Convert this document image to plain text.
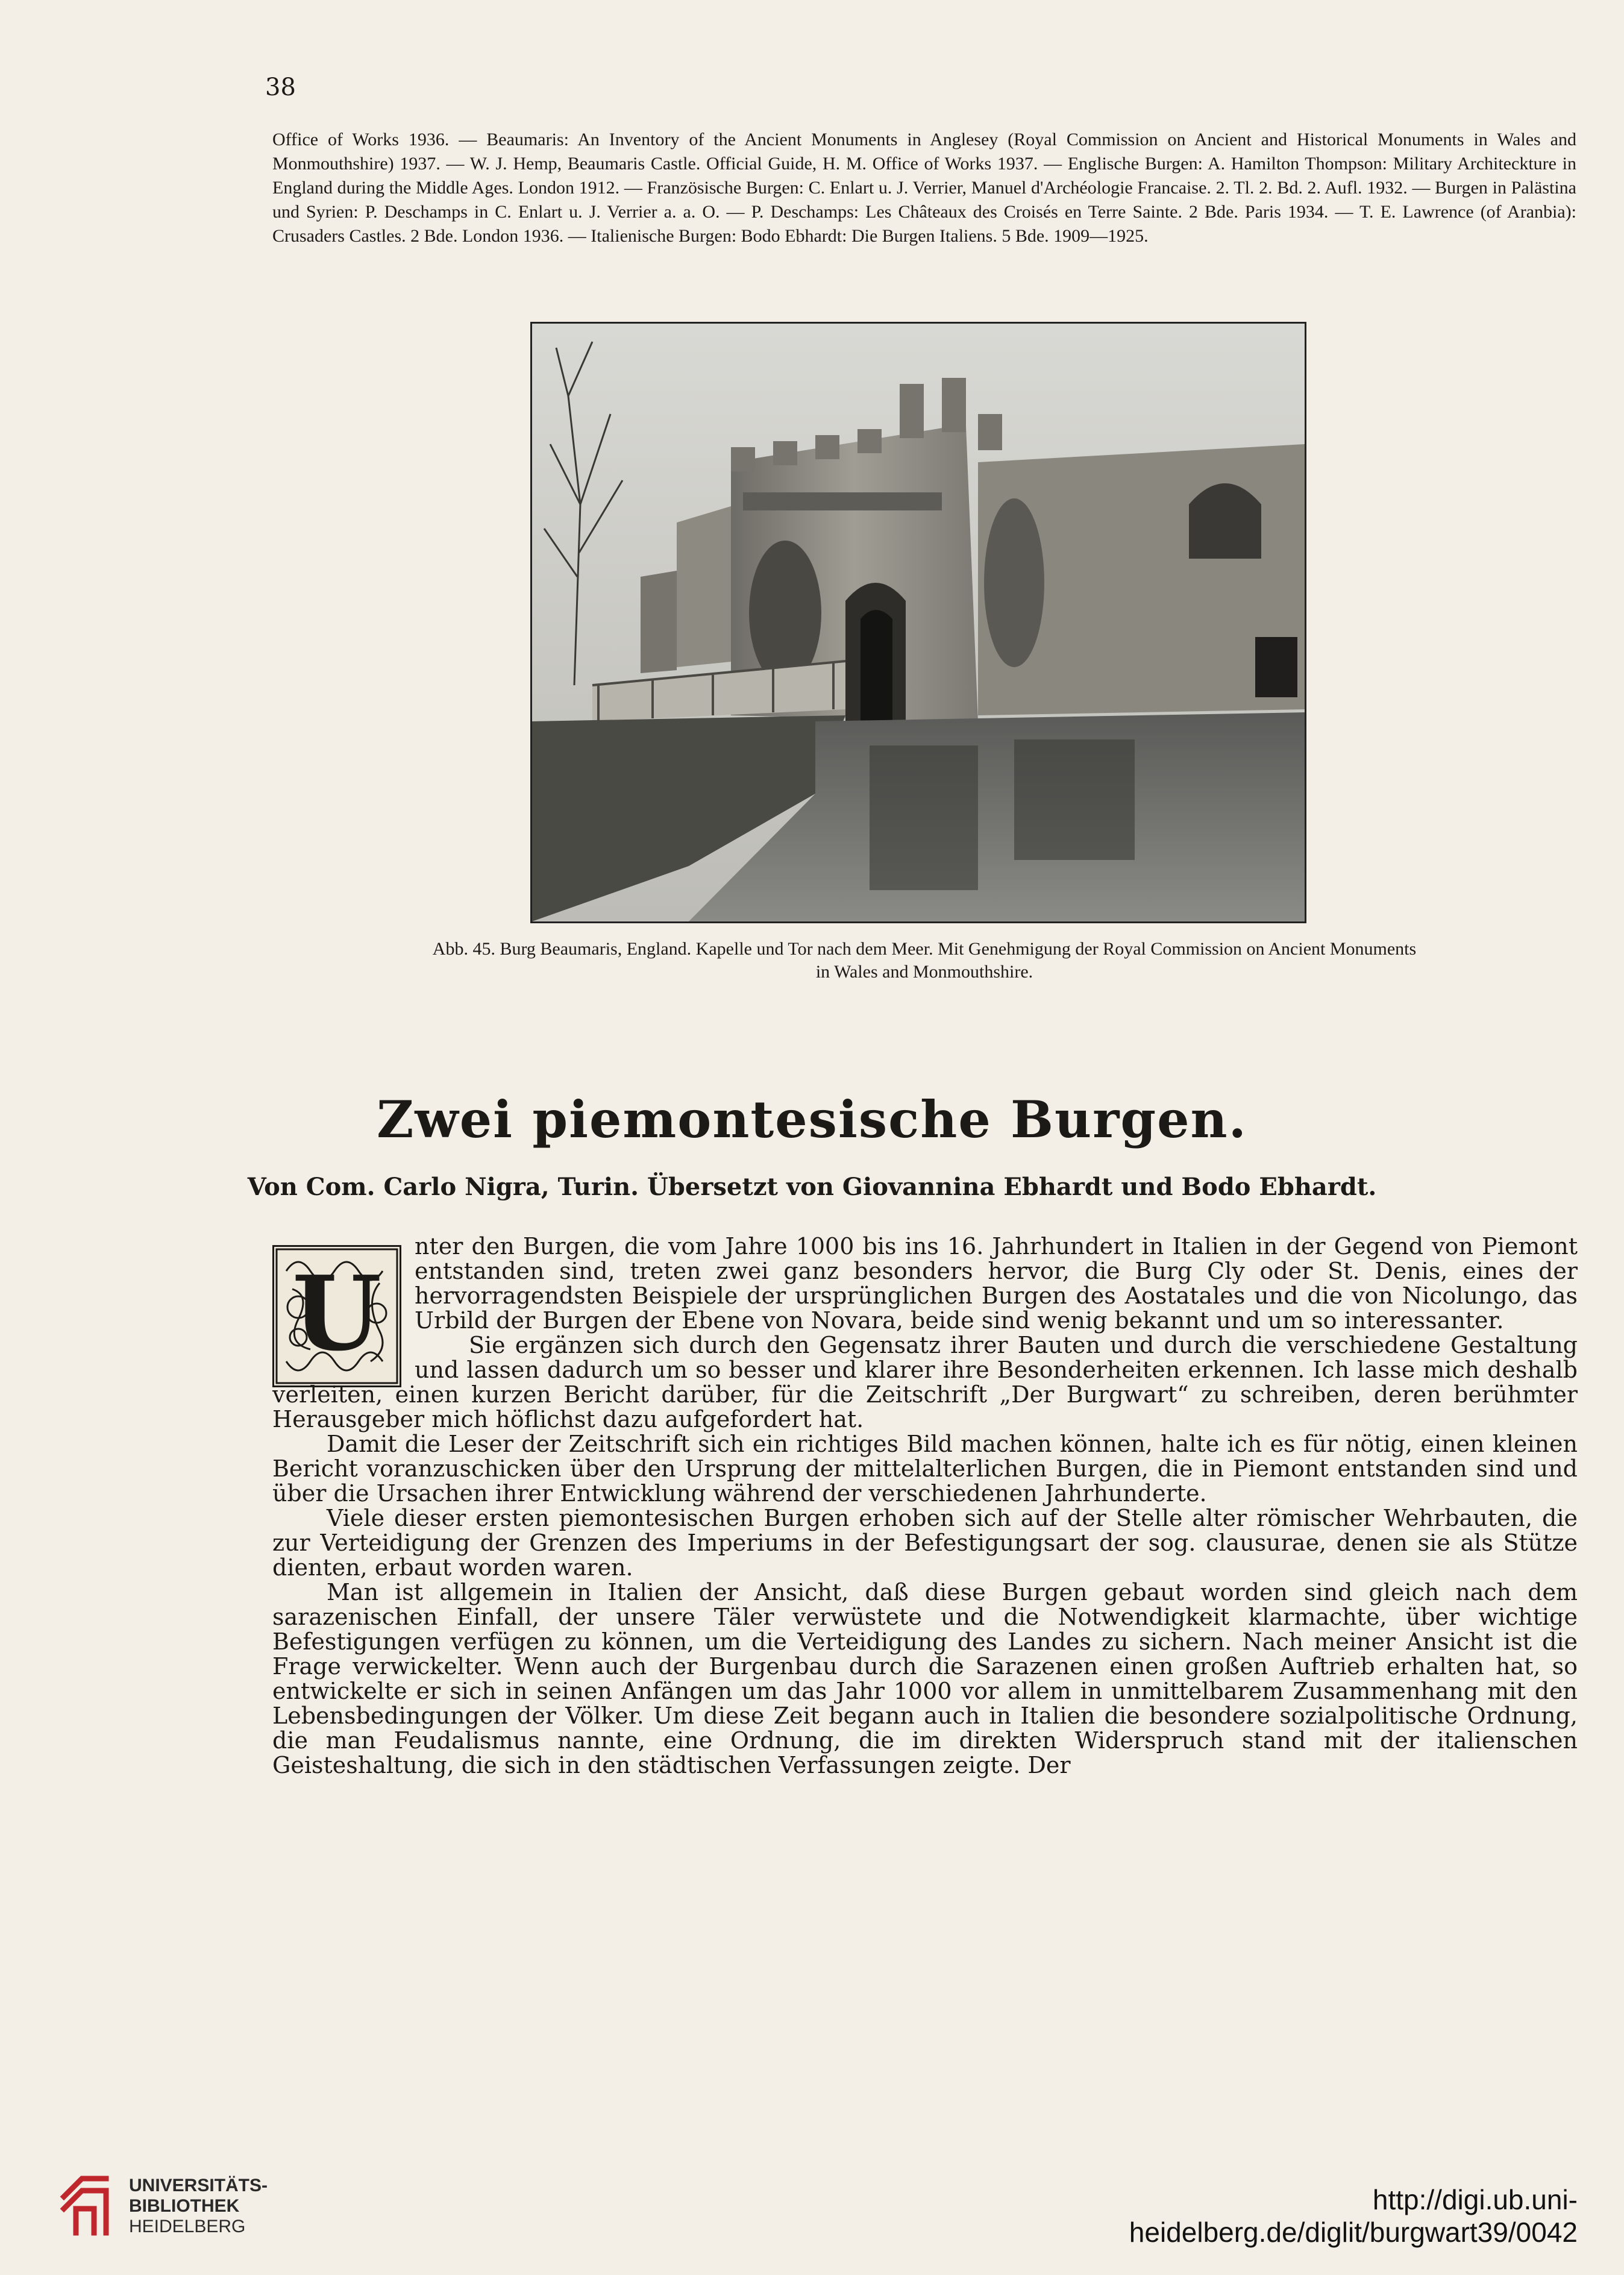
38

Office of Works 1936. — Beaumaris: An Inventory of the Ancient Monuments in Anglesey (Royal Commission on Ancient and Historical Monuments in Wales and Monmouthshire) 1937. — W. J. Hemp, Beaumaris Castle. Official Guide, H. M. Office of Works 1937. — Englische Burgen: A. Hamilton Thompson: Military Architeckture in England during the Middle Ages. London 1912. — Französische Burgen: C. Enlart u. J. Verrier, Manuel d'Archéologie Francaise. 2. Tl. 2. Bd. 2. Aufl. 1932. — Burgen in Palästina und Syrien: P. Deschamps in C. Enlart u. J. Verrier a. a. O. — P. Deschamps: Les Châteaux des Croisés en Terre Sainte. 2 Bde. Paris 1934. — T. E. Lawrence (of Aranbia): Crusaders Castles. 2 Bde. London 1936. — Italienische Burgen: Bodo Ebhardt: Die Burgen Italiens. 5 Bde. 1909—1925.

Abb. 45. Burg Beaumaris, England. Kapelle und Tor nach dem Meer. Mit Genehmigung der Royal Commission on Ancient Monuments
in Wales and Monmouthshire.
Zwei piemontesische Burgen.
Von Com. Carlo Nigra, Turin. Übersetzt von Giovannina Ebhardt und Bodo Ebhardt.
U

nter den Burgen, die vom Jahre 1000 bis ins 16. Jahrhundert in Italien in der Gegend von Piemont entstanden sind, treten zwei ganz besonders hervor, die Burg Cly oder St. Denis, eines der hervorragendsten Beispiele der ursprünglichen Burgen des Aostatales und die von Nicolungo, das Urbild der Burgen der Ebene von Novara, beide sind wenig bekannt und um so interessanter.

Sie ergänzen sich durch den Gegensatz ihrer Bauten und durch die verschiedene Gestaltung und lassen dadurch um so besser und klarer ihre Besonderheiten erkennen. Ich lasse mich deshalb verleiten, einen kurzen Bericht darüber, für die Zeitschrift „Der Burgwart“ zu schreiben, deren berühmter Herausgeber mich höflichst dazu aufgefordert hat.

Damit die Leser der Zeitschrift sich ein richtiges Bild machen können, halte ich es für nötig, einen kleinen Bericht voranzuschicken über den Ursprung der mittelalterlichen Burgen, die in Piemont entstanden sind und über die Ursachen ihrer Entwicklung während der verschiedenen Jahrhunderte.

Viele dieser ersten piemontesischen Burgen erhoben sich auf der Stelle alter römischer Wehrbauten, die zur Verteidigung der Grenzen des Imperiums in der Befestigungsart der sog. clausurae, denen sie als Stütze dienten, erbaut worden waren.

Man ist allgemein in Italien der Ansicht, daß diese Burgen gebaut worden sind gleich nach dem sarazenischen Einfall, der unsere Täler verwüstete und die Notwendigkeit klarmachte, über wichtige Befestigungen verfügen zu können, um die Verteidigung des Landes zu sichern. Nach meiner Ansicht ist die Frage verwickelter. Wenn auch der Burgenbau durch die Sarazenen einen großen Auftrieb erhalten hat, so entwickelte er sich in seinen Anfängen um das Jahr 1000 vor allem in unmittelbarem Zusammenhang mit den Lebensbedingungen der Völker. Um diese Zeit begann auch in Italien die besondere sozialpolitische Ordnung, die man Feudalismus nannte, eine Ordnung, die im direkten Widerspruch stand mit der italienschen Geisteshaltung, die sich in den städtischen Verfassungen zeigte. Der

UNIVERSITÄTS-
BIBLIOTHEK
HEIDELBERG
http://digi.ub.uni-heidelberg.de/diglit/burgwart39/0042
